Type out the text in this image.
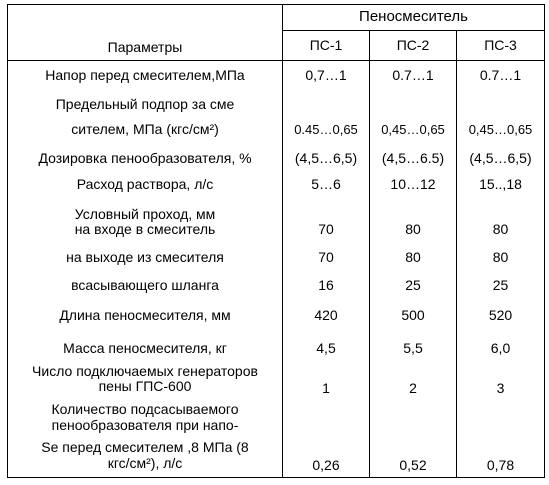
Пеносмеситель
Параметры	ПС-1	ПС-2	ПС-3
Напор перед смесителем,МПа	0,7…1	0.7…1	0.7…1
Предельный подпор за сме
сителем, МПа (кгс/см²)	0.45…0,65	0,45…0,65	0,45…0,65
Дозировка пенообразователя, %	(4,5…6,5)	(4,5…6.5)	(4,5…6,5)
Расход раствора, л/с	5…6	10…12	15..,18
Условный проход, мм
на входе в смеситель	70	80	80
на выходе из смесителя	70	80	80
всасывающего шланга	16	25	25
Длина пеносмесителя, мм	420	500	520
Масса пеносмесителя, кг	4,5	5,5	6,0
Число подключаемых генераторов
пены ГПС-600	1	2	3
Количество подсасываемого
пенообразователя при напо-
Se перед смесителем ,8 МПа (8
кгс/см²), л/с	0,26	0,52	0,78
